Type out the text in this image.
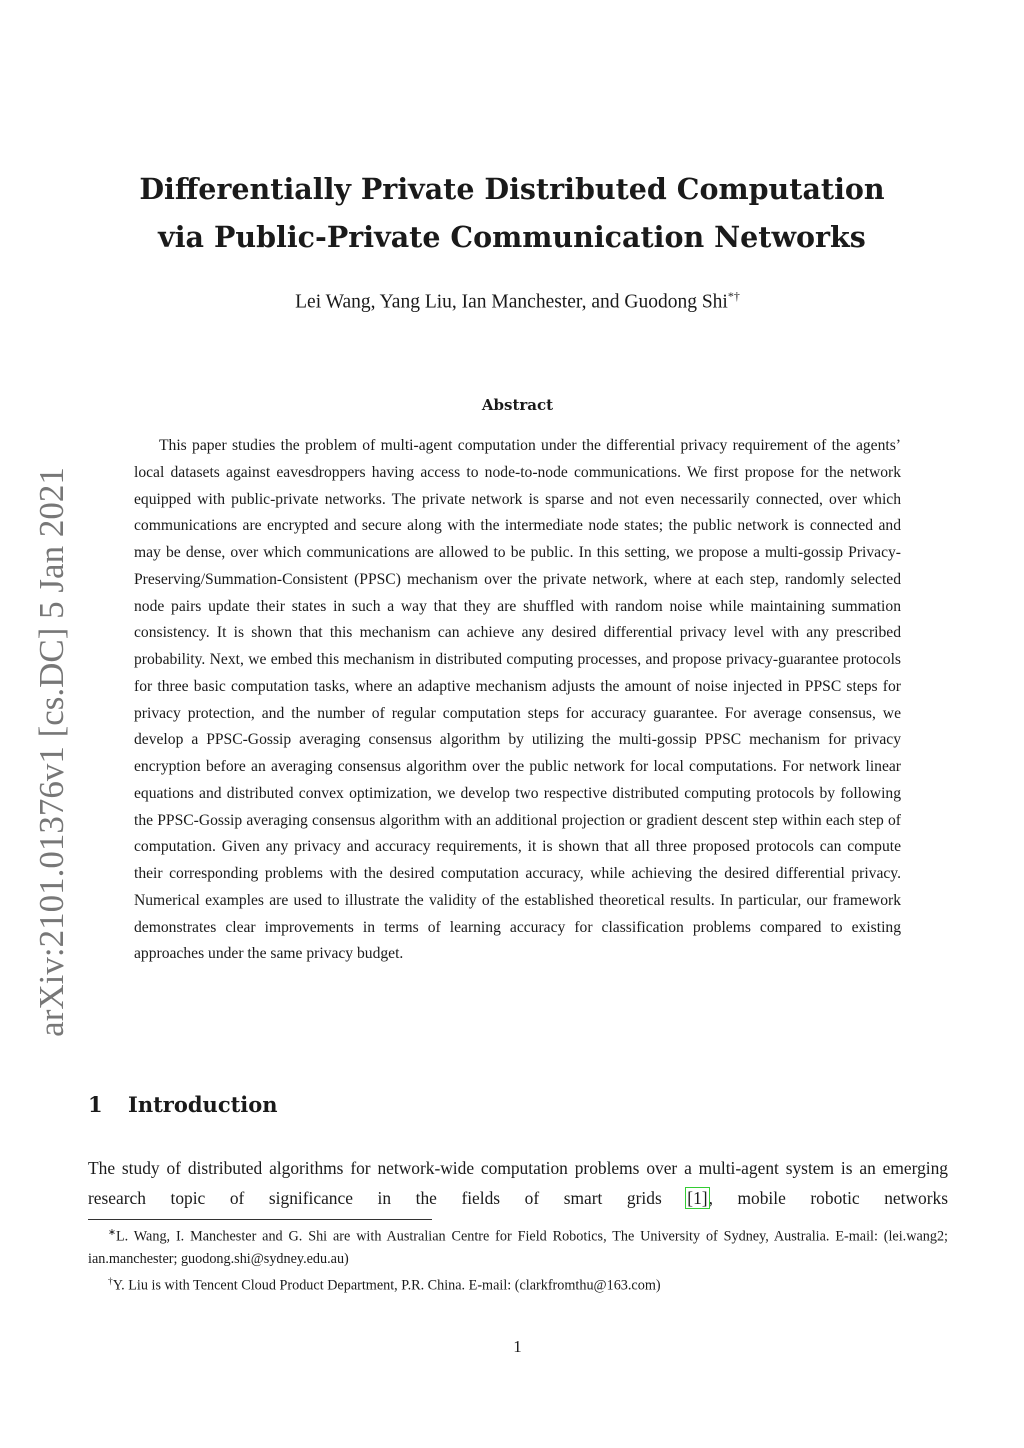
arXiv:2101.01376v1 [cs.DC] 5 Jan 2021
Differentially Private Distributed Computation
via Public-Private Communication Networks
Lei Wang, Yang Liu, Ian Manchester, and Guodong Shi*†
Abstract
This paper studies the problem of multi-agent computation under the differential privacy requirement of the agents’ local datasets against eavesdroppers having access to node-to-node communications. We first propose for the network equipped with public-private networks. The private network is sparse and not even necessarily connected, over which communications are encrypted and secure along with the intermediate node states; the public network is connected and may be dense, over which communications are allowed to be public. In this setting, we propose a multi-gossip Privacy-Preserving/Summation-Consistent (PPSC) mechanism over the private network, where at each step, randomly selected node pairs update their states in such a way that they are shuffled with random noise while maintaining summation consistency. It is shown that this mechanism can achieve any desired differential privacy level with any prescribed probability. Next, we embed this mechanism in distributed computing processes, and propose privacy-guarantee protocols for three basic computation tasks, where an adaptive mechanism adjusts the amount of noise injected in PPSC steps for privacy protection, and the number of regular computation steps for accuracy guarantee. For average consensus, we develop a PPSC-Gossip averaging consensus algorithm by utilizing the multi-gossip PPSC mechanism for privacy encryption before an averaging consensus algorithm over the public network for local computations. For network linear equations and distributed convex optimization, we develop two respective distributed computing protocols by following the PPSC-Gossip averaging consensus algorithm with an additional projection or gradient descent step within each step of computation. Given any privacy and accuracy requirements, it is shown that all three proposed protocols can compute their corresponding problems with the desired computation accuracy, while achieving the desired differential privacy. Numerical examples are used to illustrate the validity of the established theoretical results. In particular, our framework demonstrates clear improvements in terms of learning accuracy for classification problems compared to existing approaches under the same privacy budget.
1 Introduction
The study of distributed algorithms for network-wide computation problems over a multi-agent system is an emerging research topic of significance in the fields of smart grids [1], mobile robotic networks

∗L. Wang, I. Manchester and G. Shi are with Australian Centre for Field Robotics, The University of Sydney, Australia. E-mail: (lei.wang2; ian.manchester; guodong.shi@sydney.edu.au)

†Y. Liu is with Tencent Cloud Product Department, P.R. China. E-mail: (clarkfromthu@163.com)

1
